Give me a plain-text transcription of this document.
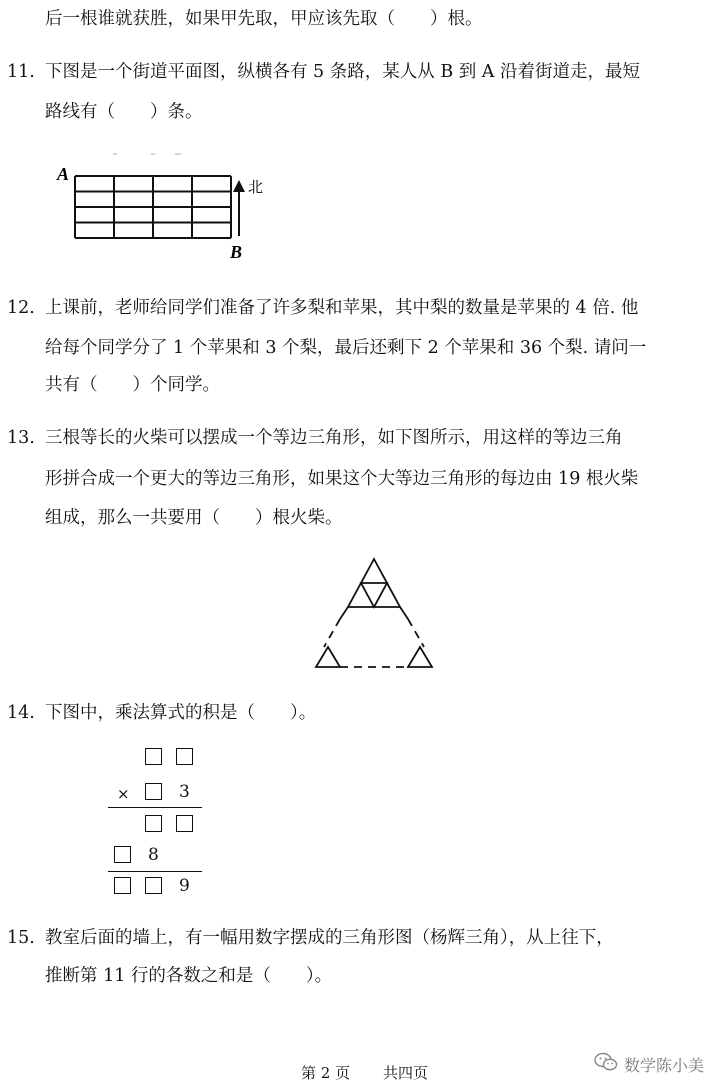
后一根谁就获胜，如果甲先取，甲应该先取（　　）根。
11. 下图是一个街道平面图，纵横各有 5 条路，某人从 B 到 A 沿着街道走，最短
路线有（　　）条。
A
B
北
12. 上课前，老师给同学们准备了许多梨和苹果，其中梨的数量是苹果的 4 倍. 他
给每个同学分了 1 个苹果和 3 个梨，最后还剩下 2 个苹果和 36 个梨. 请问一
共有（　　）个同学。
13. 三根等长的火柴可以摆成一个等边三角形，如下图所示，用这样的等边三角
形拼合成一个更大的等边三角形，如果这个大等边三角形的每边由 19 根火柴
组成，那么一共要用（　　）根火柴。
14. 下图中，乘法算式的积是（　　）。
×	3
8
9
15. 教室后面的墙上，有一幅用数字摆成的三角形图（杨辉三角），从上往下，
推断第 11 行的各数之和是（　　）。
第 2 页 共四页	数学陈小美
